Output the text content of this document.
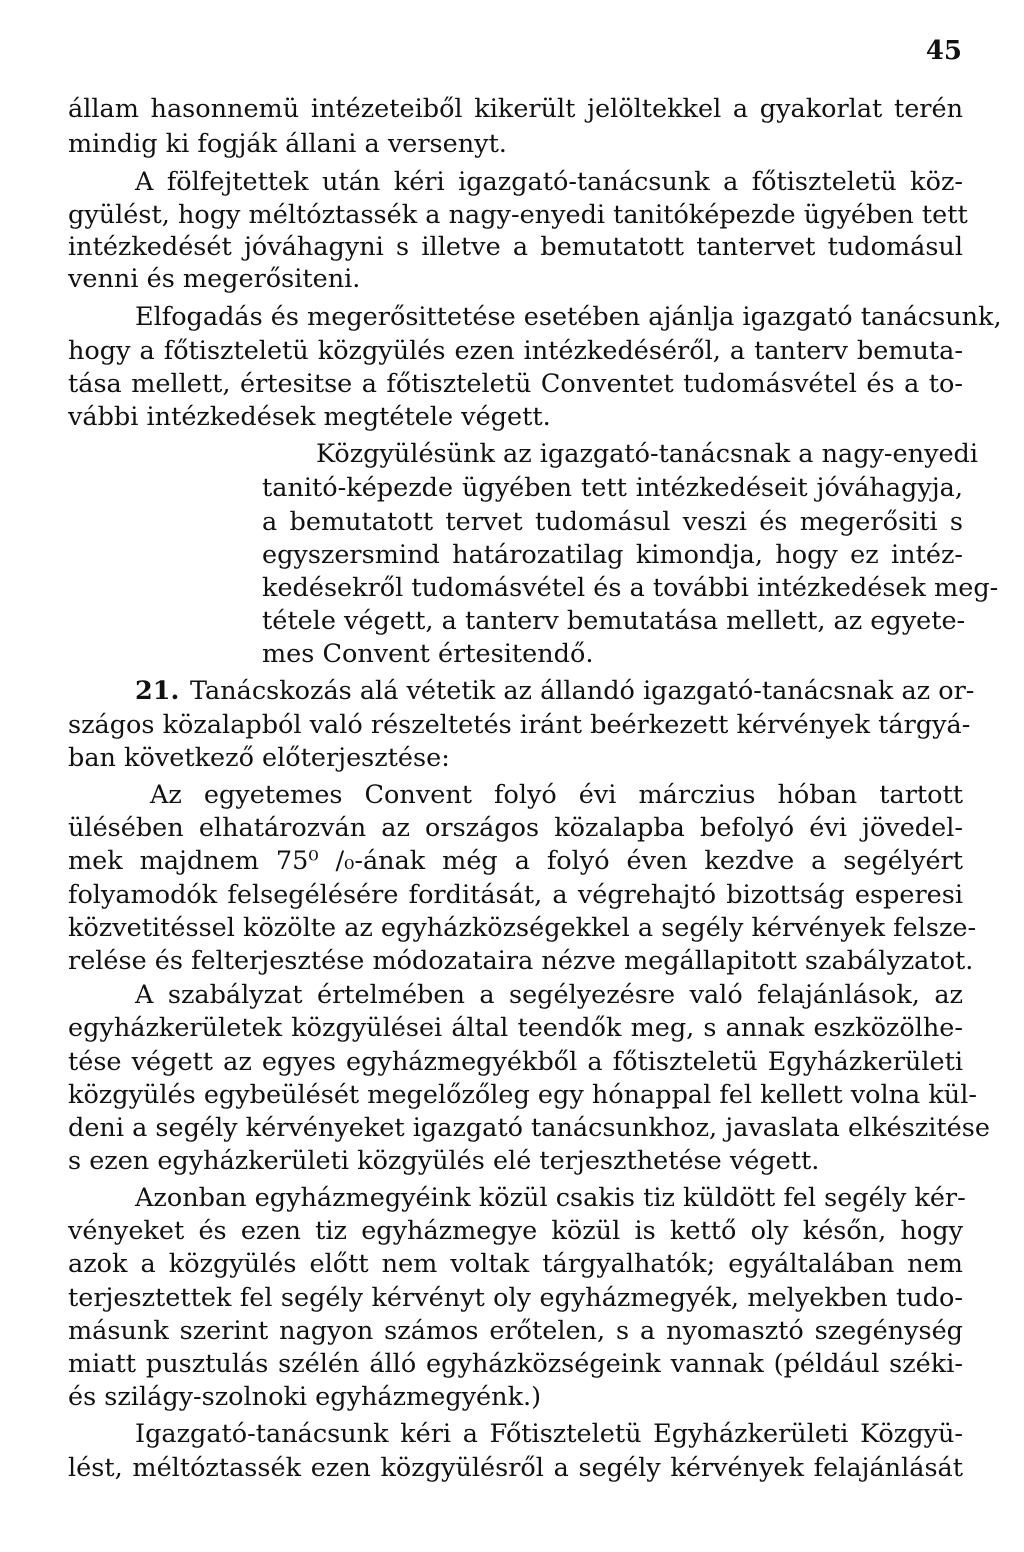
45
állam hasonnemü intézeteiből kikerült jelöltekkel a gyakorlat terén
mindig ki fogják állani a versenyt.
A fölfejtettek után kéri igazgató-tanácsunk a főtiszteletü köz-
gyülést, hogy méltóztassék a nagy-enyedi tanitóképezde ügyében tett
intézkedését jóváhagyni s illetve a bemutatott tantervet tudomásul
venni és megerősiteni.
Elfogadás és megerősittetése esetében ajánlja igazgató tanácsunk,
hogy a főtiszteletü közgyülés ezen intézkedéséről, a tanterv bemuta-
tása mellett, értesitse a főtiszteletü Conventet tudomásvétel és a to-
vábbi intézkedések megtétele végett.
Közgyülésünk az igazgató-tanácsnak a nagy-enyedi
tanitó-képezde ügyében tett intézkedéseit jóváhagyja,
a bemutatott tervet tudomásul veszi és megerősiti s
egyszersmind határozatilag kimondja, hogy ez intéz-
kedésekről tudomásvétel és a további intézkedések meg-
tétele végett, a tanterv bemutatása mellett, az egyete-
mes Convent értesitendő.
21. Tanácskozás alá vétetik az állandó igazgató-tanácsnak az or-
szágos közalapból való részeltetés iránt beérkezett kérvények tárgyá-
ban következő előterjesztése:
Az egyetemes Convent folyó évi márczius hóban tartott
ülésében elhatározván az országos közalapba befolyó évi jövedel-
mek majdnem 75⁰ /₀-ának még a folyó éven kezdve a segélyért
folyamodók felsegélésére forditását, a végrehajtó bizottság esperesi
közvetitéssel közölte az egyházközségekkel a segély kérvények felsze-
relése és felterjesztése módozataira nézve megállapitott szabályzatot.
A szabályzat értelmében a segélyezésre való felajánlások, az
egyházkerületek közgyülései által teendők meg, s annak eszközölhe-
tése végett az egyes egyházmegyékből a főtiszteletü Egyházkerületi
közgyülés egybeülését megelőzőleg egy hónappal fel kellett volna kül-
deni a segély kérvényeket igazgató tanácsunkhoz, javaslata elkészitése
s ezen egyházkerületi közgyülés elé terjeszthetése végett.
Azonban egyházmegyéink közül csakis tiz küldött fel segély kér-
vényeket és ezen tiz egyházmegye közül is kettő oly későn, hogy
azok a közgyülés előtt nem voltak tárgyalhatók; egyáltalában nem
terjesztettek fel segély kérvényt oly egyházmegyék, melyekben tudo-
másunk szerint nagyon számos erőtelen, s a nyomasztó szegénység
miatt pusztulás szélén álló egyházközségeink vannak (például széki-
és szilágy-szolnoki egyházmegyénk.)
Igazgató-tanácsunk kéri a Főtiszteletü Egyházkerületi Közgyü-
lést, méltóztassék ezen közgyülésről a segély kérvények felajánlását
